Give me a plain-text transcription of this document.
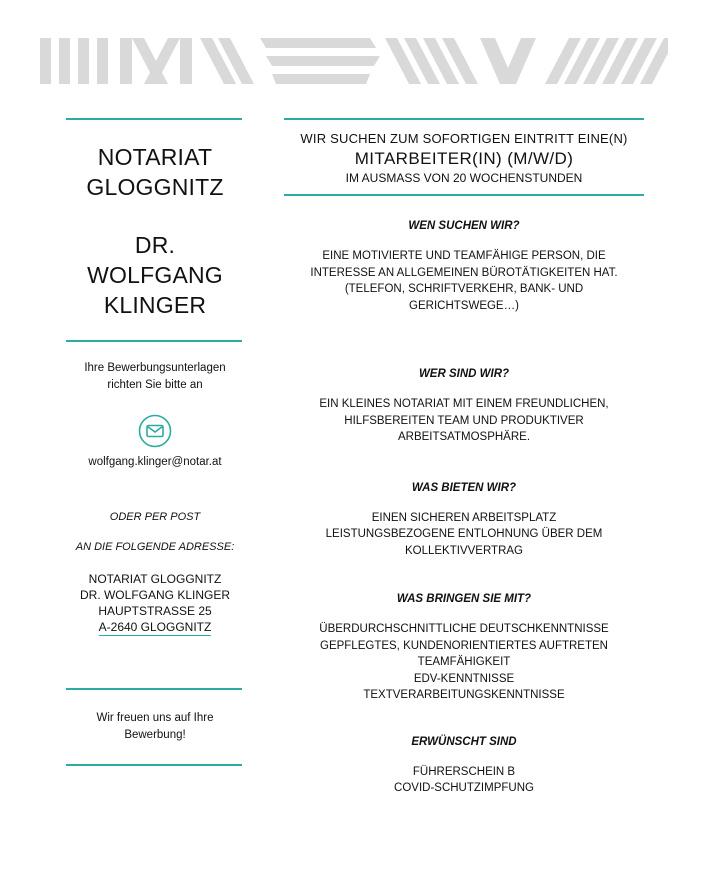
NOTARIAT
GLOGGNITZ
DR.
WOLFGANG
KLINGER
Ihre Bewerbungsunterlagen
richten Sie bitte an
wolfgang.klinger@notar.at
ODER PER POST
AN DIE FOLGENDE ADRESSE:
NOTARIAT GLOGGNITZ
DR. WOLFGANG KLINGER
HAUPTSTRASSE 25
A-2640 GLOGGNITZ
Wir freuen uns auf Ihre
Bewerbung!
WIR SUCHEN ZUM SOFORTIGEN EINTRITT EINE(N)
MITARBEITER(IN) (M/W/D)
IM AUSMASS VON 20 WOCHENSTUNDEN
WEN SUCHEN WIR?
EINE MOTIVIERTE UND TEAMFÄHIGE PERSON, DIE
INTERESSE AN ALLGEMEINEN BÜROTÄTIGKEITEN HAT.
(TELEFON, SCHRIFTVERKEHR, BANK- UND
GERICHTSWEGE…)
WER SIND WIR?
EIN KLEINES NOTARIAT MIT EINEM FREUNDLICHEN,
HILFSBEREITEN TEAM UND PRODUKTIVER
ARBEITSATMOSPHÄRE.
WAS BIETEN WIR?
EINEN SICHEREN ARBEITSPLATZ
LEISTUNGSBEZOGENE ENTLOHNUNG ÜBER DEM
KOLLEKTIVVERTRAG
WAS BRINGEN SIE MIT?
ÜBERDURCHSCHNITTLICHE DEUTSCHKENNTNISSE
GEPFLEGTES, KUNDENORIENTIERTES AUFTRETEN
TEAMFÄHIGKEIT
EDV-KENNTNISSE
TEXTVERARBEITUNGSKENNTNISSE
ERWÜNSCHT SIND
FÜHRERSCHEIN B
COVID-SCHUTZIMPFUNG
